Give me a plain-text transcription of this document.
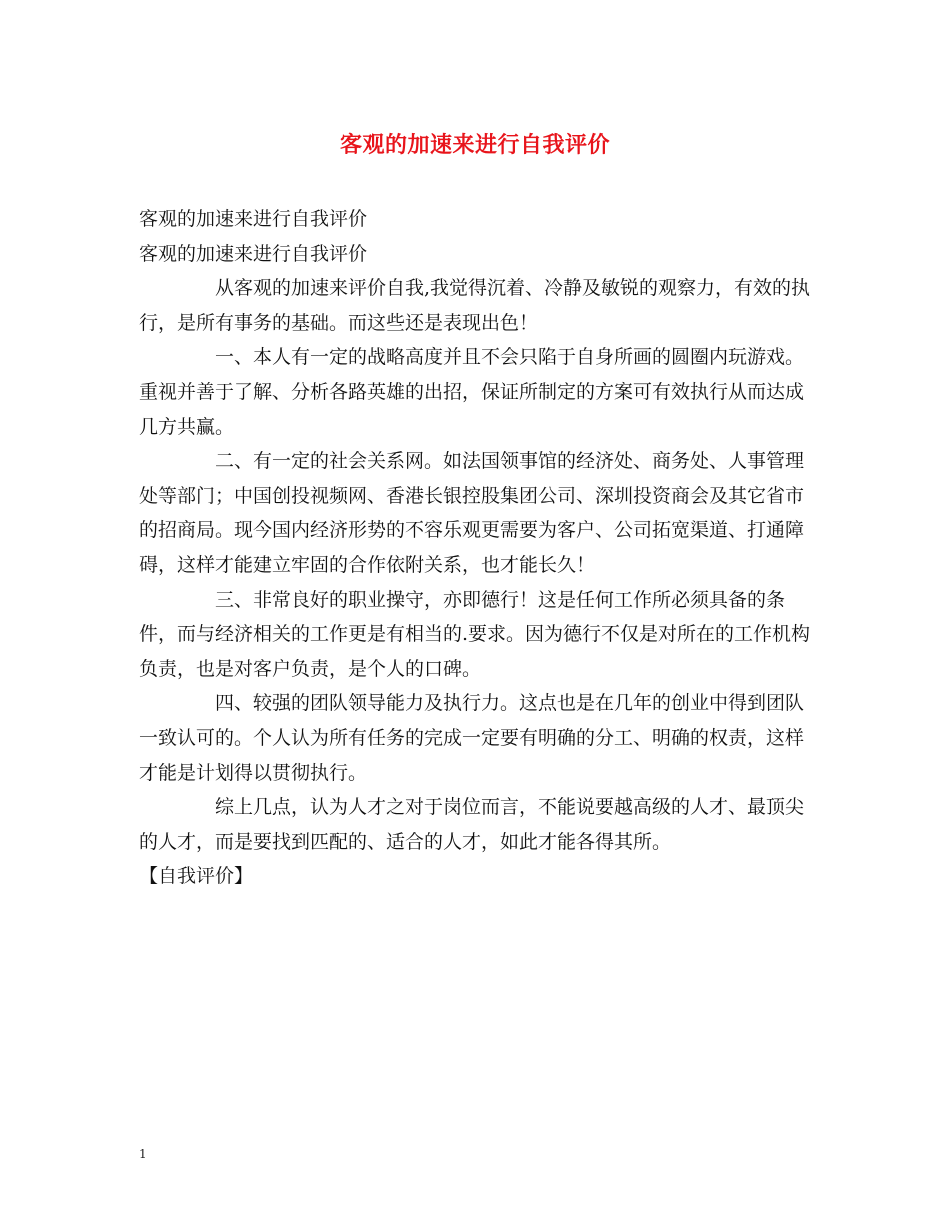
客观的加速来进行自我评价

客观的加速来进行自我评价

客观的加速来进行自我评价

从客观的加速来评价自我,我觉得沉着、冷静及敏锐的观察力，有效的执行，是所有事务的基础。而这些还是表现出色！

一、本人有一定的战略高度并且不会只陷于自身所画的圆圈内玩游戏。重视并善于了解、分析各路英雄的出招，保证所制定的方案可有效执行从而达成几方共赢。

二、有一定的社会关系网。如法国领事馆的经济处、商务处、人事管理处等部门；中国创投视频网、香港长银控股集团公司、深圳投资商会及其它省市的招商局。现今国内经济形势的不容乐观更需要为客户、公司拓宽渠道、打通障碍，这样才能建立牢固的合作依附关系，也才能长久！

三、非常良好的职业操守，亦即德行！这是任何工作所必须具备的条件，而与经济相关的工作更是有相当的.要求。因为德行不仅是对所在的工作机构负责，也是对客户负责，是个人的口碑。

四、较强的团队领导能力及执行力。这点也是在几年的创业中得到团队一致认可的。个人认为所有任务的完成一定要有明确的分工、明确的权责，这样才能是计划得以贯彻执行。

综上几点，认为人才之对于岗位而言，不能说要越高级的人才、最顶尖的人才，而是要找到匹配的、适合的人才，如此才能各得其所。

【自我评价】

1
